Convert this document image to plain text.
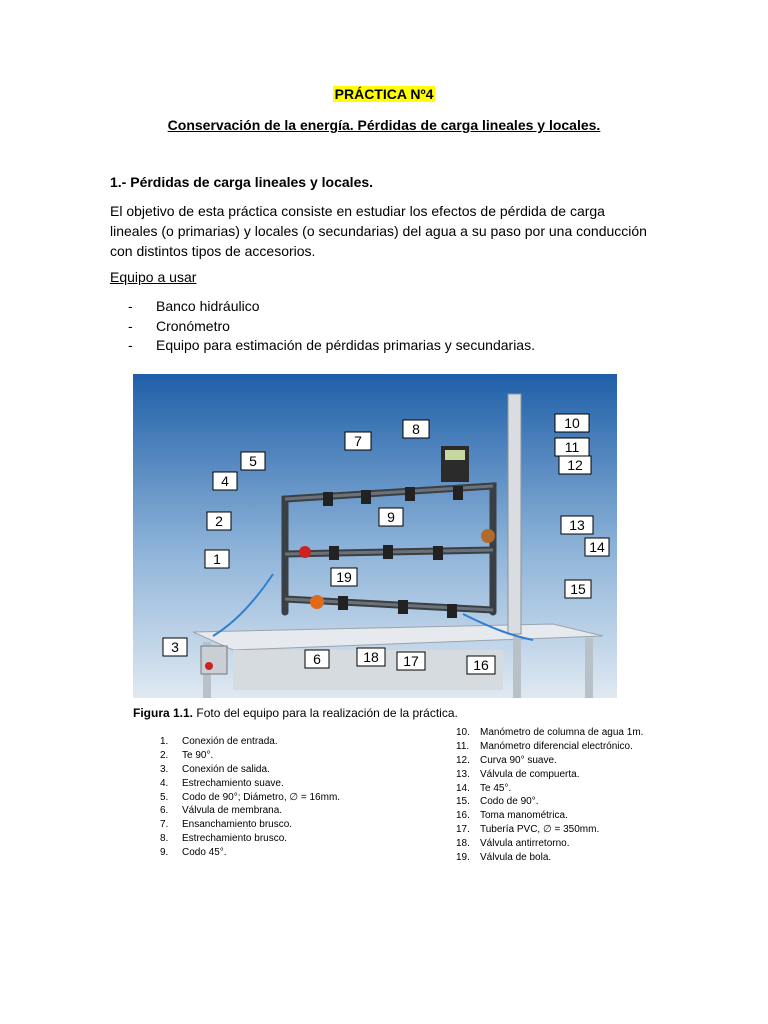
PRÁCTICA Nº4
Conservación de la energía. Pérdidas de carga lineales y locales.
1.- Pérdidas de carga lineales y locales.
El objetivo de esta práctica consiste en estudiar los efectos de pérdida de carga
lineales (o primarias) y locales (o secundarias) del agua a su paso por una conducción
con distintos tipos de accesorios.
Equipo a usar
-	Banco hidráulico
-	Cronómetro
-	Equipo para estimación de pérdidas primarias y secundarias.
7
8	10
11
12
5
4
9
2	13
14
1
19
15
3
6	18 17	16
Figura 1.1. Foto del equipo para la realización de la práctica.
1.	Conexión de entrada.
2.	Te 90°.
3.	Conexión de salida.
4.	Estrechamiento suave.
5.	Codo de 90°; Diámetro, ∅ = 16mm.
6.	Válvula de membrana.
7.	Ensanchamiento brusco.
8.	Estrechamiento brusco.
9.	Codo 45°.
10.	Manómetro de columna de agua 1m.
11.	Manómetro diferencial electrónico.
12.	Curva 90° suave.
13.	Válvula de compuerta.
14.	Te 45°.
15.	Codo de 90°.
16.	Toma manométrica.
17.	Tubería PVC, ∅ = 350mm.
18.	Válvula antirretorno.
19.	Válvula de bola.
